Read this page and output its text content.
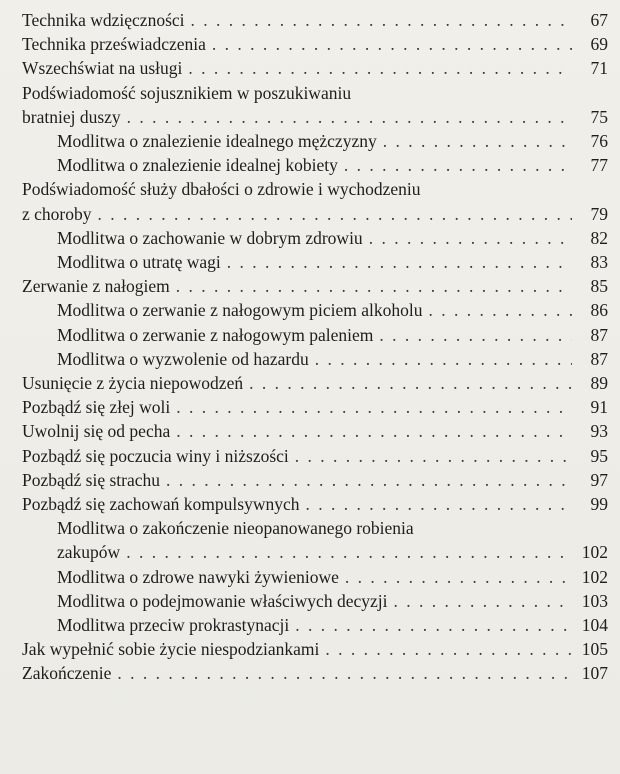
Technika wdzięczności . . .	67
Technika przeświadczenia . . .	69
Wszechświat na usługi . . .	71
Podświadomość sojusznikiem w poszukiwaniu
bratniej duszy . . .	75
Modlitwa o znalezienie idealnego mężczyzny . . .	76
Modlitwa o znalezienie idealnej kobiety . . .	77
Podświadomość służy dbałości o zdrowie i wychodzeniu
z choroby . . .	79
Modlitwa o zachowanie w dobrym zdrowiu . . .	82
Modlitwa o utratę wagi . . .	83
Zerwanie z nałogiem . . .	85
Modlitwa o zerwanie z nałogowym piciem alkoholu . . .	86
Modlitwa o zerwanie z nałogowym paleniem . . .	87
Modlitwa o wyzwolenie od hazardu . . .	87
Usunięcie z życia niepowodzeń . . .	89
Pozbądź się złej woli . . .	91
Uwolnij się od pecha . . .	93
Pozbądź się poczucia winy i niższości . . .	95
Pozbądź się strachu . . .	97
Pozbądź się zachowań kompulsywnych . . .	99
Modlitwa o zakończenie nieopanowanego robienia
zakupów . . .	102
Modlitwa o zdrowe nawyki żywieniowe . . .	102
Modlitwa o podejmowanie właściwych decyzji . . .	103
Modlitwa przeciw prokrastynacji . . .	104
Jak wypełnić sobie życie niespodziankami . . .	105
Zakończenie . . .	107
